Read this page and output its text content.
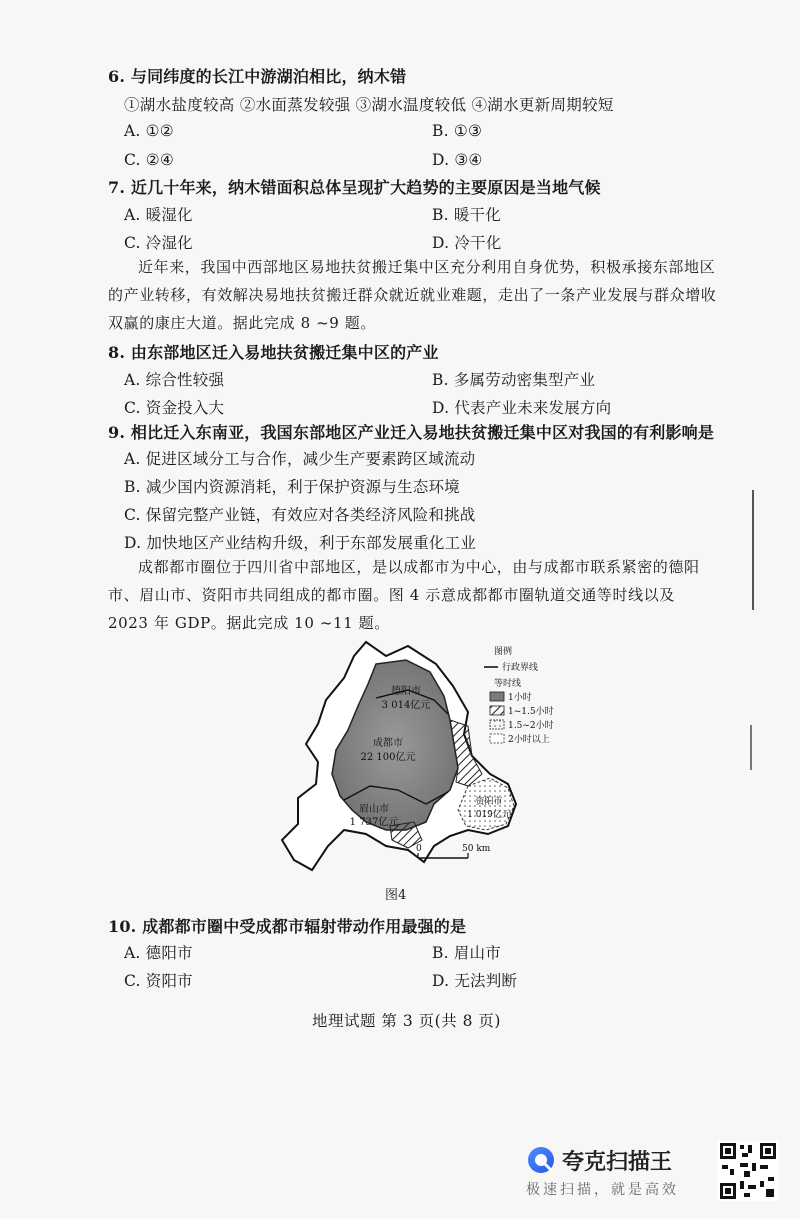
6. 与同纬度的长江中游湖泊相比，纳木错
①湖水盐度较高 ②水面蒸发较强 ③湖水温度较低 ④湖水更新周期较短
A. ①②	B. ①③
C. ②④	D. ③④
7. 近几十年来，纳木错面积总体呈现扩大趋势的主要原因是当地气候
A. 暖湿化	B. 暖干化
C. 冷湿化	D. 冷干化

近年来，我国中西部地区易地扶贫搬迁集中区充分利用自身优势，积极承接东部地区的产业转移，有效解决易地扶贫搬迁群众就近就业难题，走出了一条产业发展与群众增收双赢的康庄大道。据此完成 8 ~9 题。

8. 由东部地区迁入易地扶贫搬迁集中区的产业
A. 综合性较强	B. 多属劳动密集型产业
C. 资金投入大	D. 代表产业未来发展方向
9. 相比迁入东南亚，我国东部地区产业迁入易地扶贫搬迁集中区对我国的有利影响是
A. 促进区域分工与合作，减少生产要素跨区域流动
B. 减少国内资源消耗，利于保护资源与生态环境
C. 保留完整产业链，有效应对各类经济风险和挑战
D. 加快地区产业结构升级，利于东部发展重化工业

成都都市圈位于四川省中部地区，是以成都市为中心，由与成都市联系紧密的德阳市、眉山市、资阳市共同组成的都市圈。图 4 示意成都都市圈轨道交通等时线以及 2023 年 GDP。据此完成 10 ~11 题。

德阳市
3 014亿元
成都市
22 100亿元
眉山市
1 737亿元
资阳市
1 019亿元
图例
行政界线
等时线
1小时
1~1.5小时
1.5~2小时
2小时以上
0	50 km
图4
10. 成都都市圈中受成都市辐射带动作用最强的是
A. 德阳市	B. 眉山市
C. 资阳市	D. 无法判断
地理试题 第 3 页(共 8 页)
夸克扫描王
极速扫描，就是高效
